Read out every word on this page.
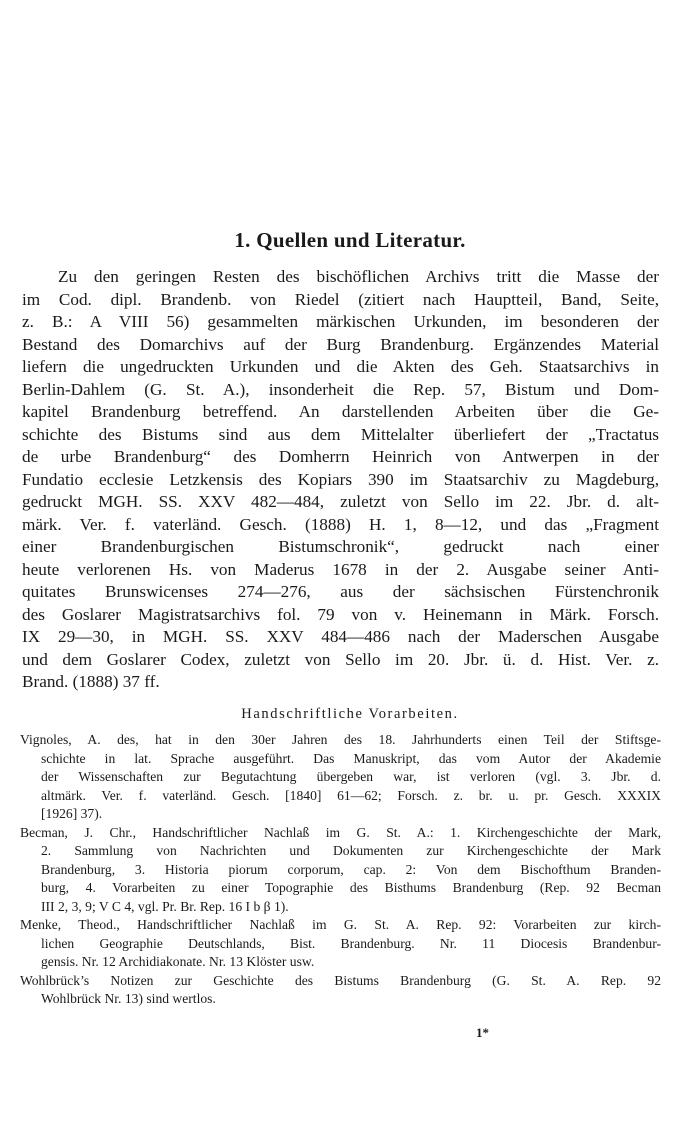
1. Quellen und Literatur.
Zu den geringen Resten des bischöflichen Archivs tritt die Masse der
im Cod. dipl. Brandenb. von Riedel (zitiert nach Hauptteil, Band, Seite,
z. B.: A VIII 56) gesammelten märkischen Urkunden, im besonderen der
Bestand des Domarchivs auf der Burg Brandenburg. Ergänzendes Material
liefern die ungedruckten Urkunden und die Akten des Geh. Staatsarchivs in
Berlin-Dahlem (G. St. A.), insonderheit die Rep. 57, Bistum und Dom-
kapitel Brandenburg betreffend. An darstellenden Arbeiten über die Ge-
schichte des Bistums sind aus dem Mittelalter überliefert der „Tractatus
de urbe Brandenburg“ des Domherrn Heinrich von Antwerpen in der
Fundatio ecclesie Letzkensis des Kopiars 390 im Staatsarchiv zu Magdeburg,
gedruckt MGH. SS. XXV 482—484, zuletzt von Sello im 22. Jbr. d. alt-
märk. Ver. f. vaterländ. Gesch. (1888) H. 1, 8—12, und das „Fragment
einer Brandenburgischen Bistumschronik“, gedruckt nach einer
heute verlorenen Hs. von Maderus 1678 in der 2. Ausgabe seiner Anti-
quitates Brunswicenses 274—276, aus der sächsischen Fürstenchronik
des Goslarer Magistratsarchivs fol. 79 von v. Heinemann in Märk. Forsch.
IX 29—30, in MGH. SS. XXV 484—486 nach der Maderschen Ausgabe
und dem Goslarer Codex, zuletzt von Sello im 20. Jbr. ü. d. Hist. Ver. z.
Brand. (1888) 37 ff.
Handschriftliche Vorarbeiten.
Vignoles, A. des, hat in den 30er Jahren des 18. Jahrhunderts einen Teil der Stiftsge-
schichte in lat. Sprache ausgeführt. Das Manuskript, das vom Autor der Akademie
der Wissenschaften zur Begutachtung übergeben war, ist verloren (vgl. 3. Jbr. d.
altmärk. Ver. f. vaterländ. Gesch. [1840] 61—62; Forsch. z. br. u. pr. Gesch. XXXIX
[1926] 37).
Becman, J. Chr., Handschriftlicher Nachlaß im G. St. A.: 1. Kirchengeschichte der Mark,
2. Sammlung von Nachrichten und Dokumenten zur Kirchengeschichte der Mark
Brandenburg, 3. Historia piorum corporum, cap. 2: Von dem Bischofthum Branden-
burg, 4. Vorarbeiten zu einer Topographie des Bisthums Brandenburg (Rep. 92 Becman
III 2, 3, 9; V C 4, vgl. Pr. Br. Rep. 16 I b β 1).
Menke, Theod., Handschriftlicher Nachlaß im G. St. A. Rep. 92: Vorarbeiten zur kirch-
lichen Geographie Deutschlands, Bist. Brandenburg. Nr. 11 Diocesis Brandenbur-
gensis. Nr. 12 Archidiakonate. Nr. 13 Klöster usw.
Wohlbrück’s Notizen zur Geschichte des Bistums Brandenburg (G. St. A. Rep. 92
Wohlbrück Nr. 13) sind wertlos.
1*
